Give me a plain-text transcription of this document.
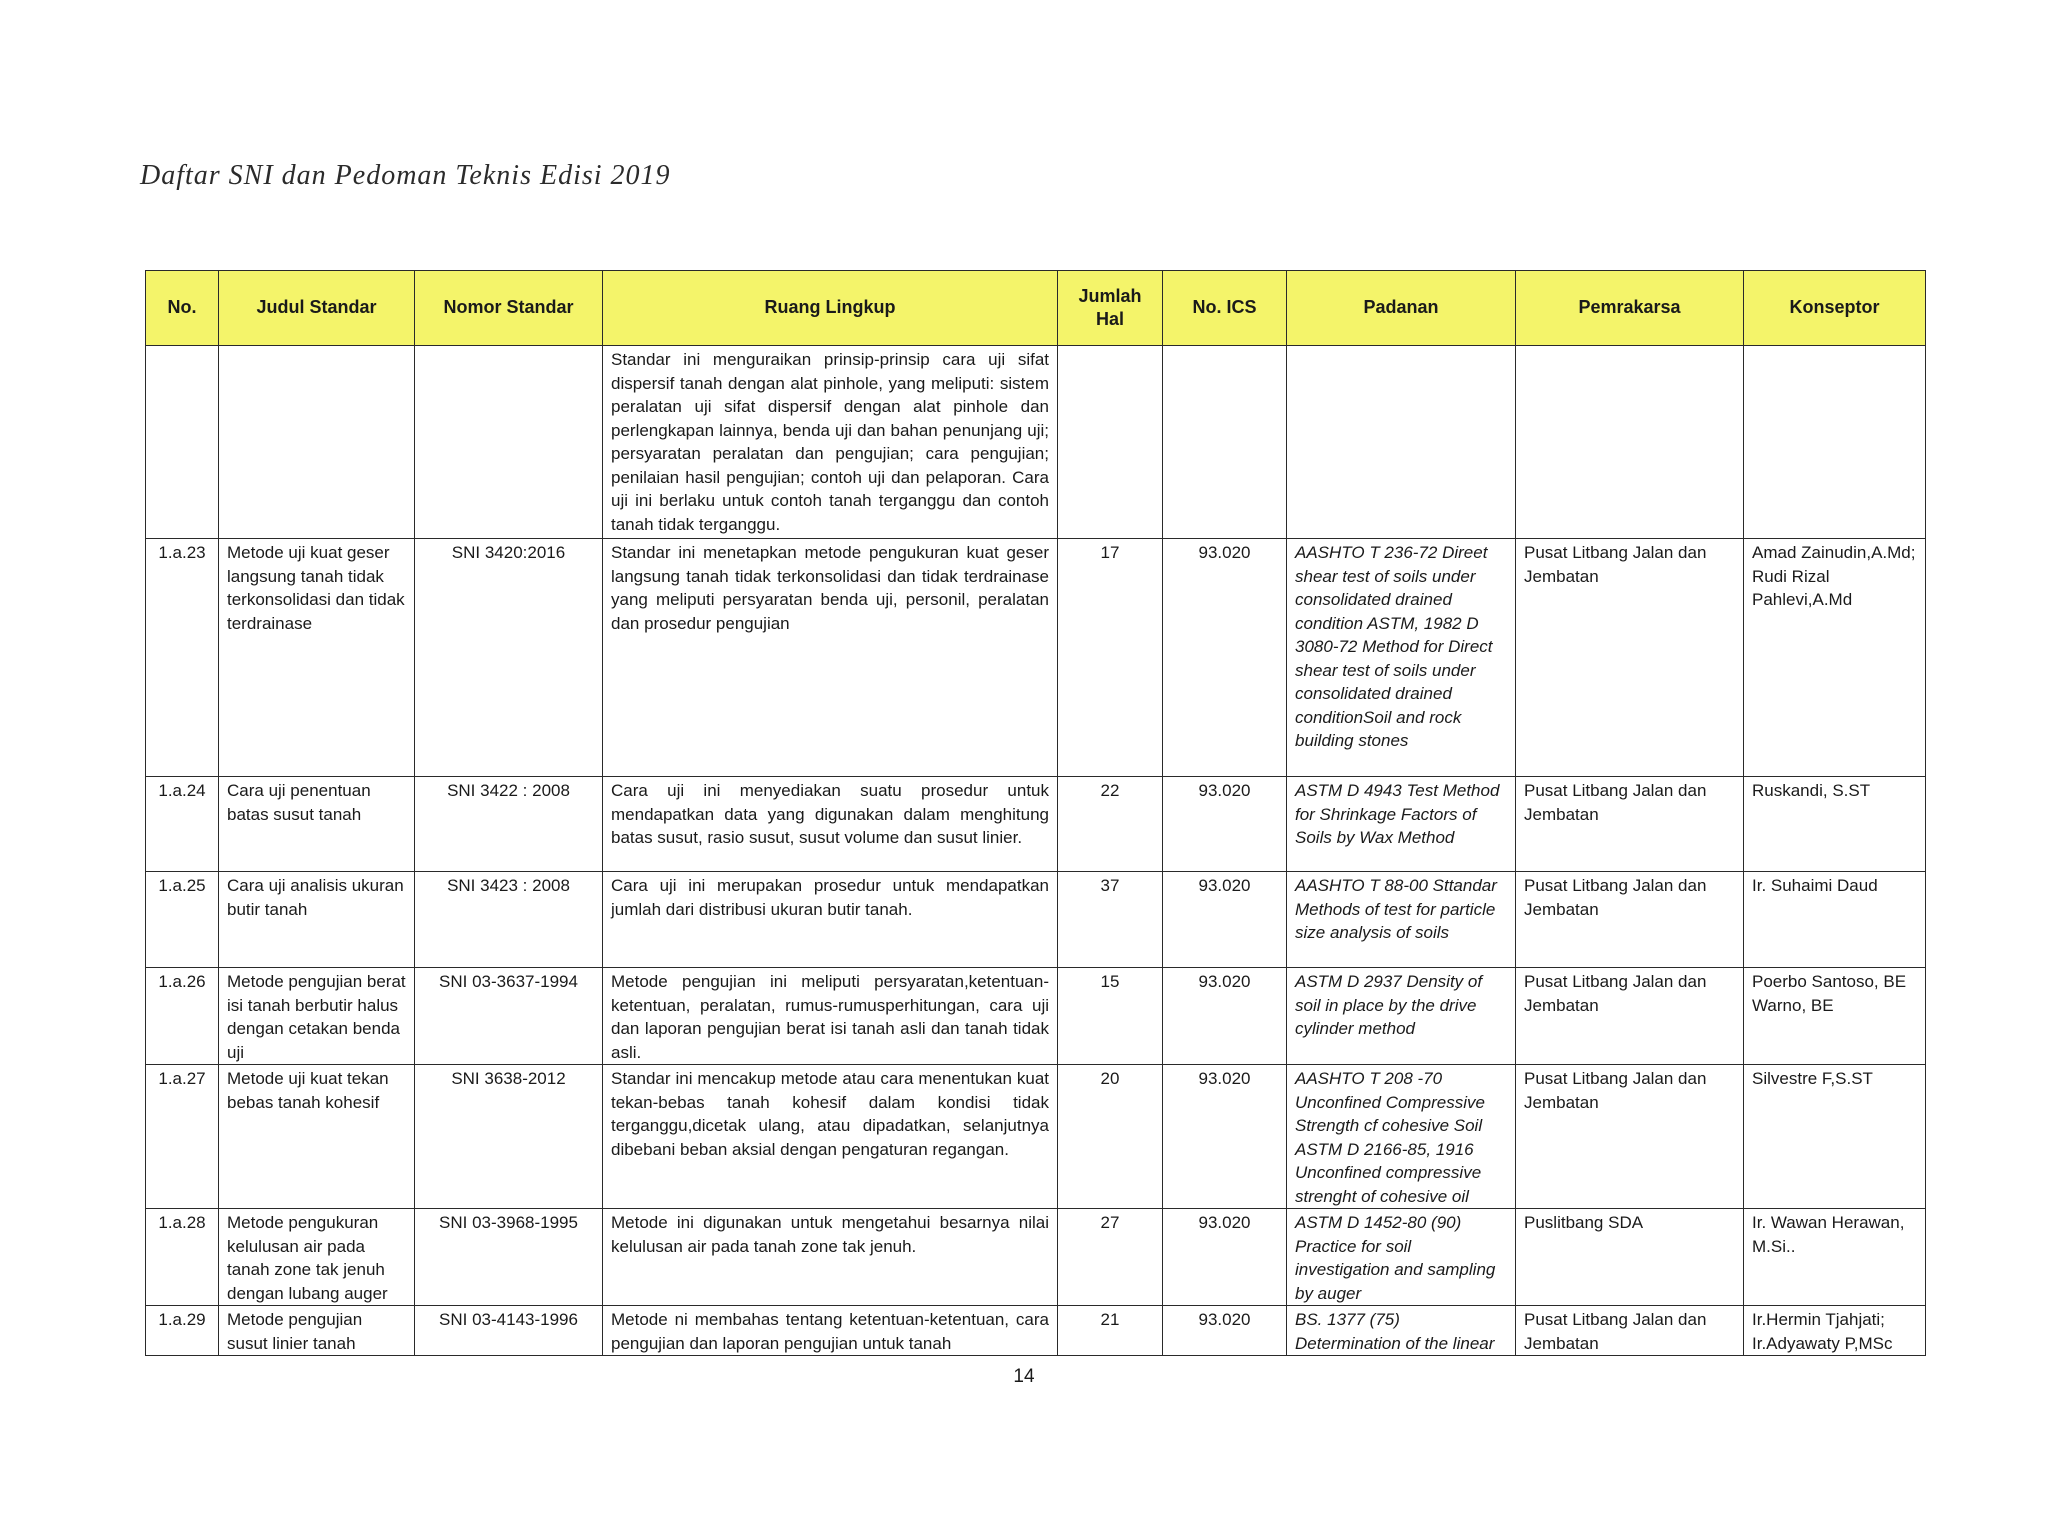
Daftar SNI dan Pedoman Teknis Edisi 2019
No.	Judul Standar	Nomor Standar	Ruang Lingkup	Jumlah Hal	No. ICS	Padanan	Pemrakarsa	Konseptor
			Standar ini menguraikan prinsip-prinsip cara uji sifat dispersif tanah dengan alat pinhole, yang meliputi: sistem peralatan uji sifat dispersif dengan alat pinhole dan perlengkapan lainnya, benda uji dan bahan penunjang uji; persyaratan peralatan dan pengujian; cara pengujian; penilaian hasil pengujian; contoh uji dan pelaporan. Cara uji ini berlaku untuk contoh tanah terganggu dan contoh tanah tidak terganggu.					
1.a.23	Metode uji kuat geser langsung tanah tidak terkonsolidasi dan tidak terdrainase	SNI 3420:2016	Standar ini menetapkan metode pengukuran kuat geser langsung tanah tidak terkonsolidasi dan tidak terdrainase yang meliputi persyaratan benda uji, personil, peralatan dan prosedur pengujian	17	93.020	AASHTO T 236-72 Direet shear test of soils under consolidated drained condition ASTM, 1982 D 3080-72 Method for Direct shear test of soils under consolidated drained conditionSoil and rock building stones	Pusat Litbang Jalan dan Jembatan	Amad Zainudin,A.Md; Rudi Rizal Pahlevi,A.Md
1.a.24	Cara uji penentuan batas susut tanah	SNI 3422 : 2008	Cara uji ini menyediakan suatu prosedur untuk mendapatkan data yang digunakan dalam menghitung batas susut, rasio susut, susut volume dan susut linier.	22	93.020	ASTM D 4943 Test Method for Shrinkage Factors of Soils by Wax Method	Pusat Litbang Jalan dan Jembatan	Ruskandi, S.ST
1.a.25	Cara uji analisis ukuran butir tanah	SNI 3423 : 2008	Cara uji ini merupakan prosedur untuk mendapatkan jumlah dari distribusi ukuran butir tanah.	37	93.020	AASHTO T 88-00 Sttandar Methods of test for particle size analysis of soils	Pusat Litbang Jalan dan Jembatan	Ir. Suhaimi Daud
1.a.26	Metode pengujian berat isi tanah berbutir halus dengan cetakan benda uji	SNI 03-3637-1994	Metode pengujian ini meliputi persyaratan,ketentuan-ketentuan, peralatan, rumus-rumusperhitungan, cara uji dan laporan pengujian berat isi tanah asli dan tanah tidak asli.	15	93.020	ASTM D 2937 Density of soil in place by the drive cylinder method	Pusat Litbang Jalan dan Jembatan	Poerbo Santoso, BE Warno, BE
1.a.27	Metode uji kuat tekan bebas tanah kohesif	SNI 3638-2012	Standar ini mencakup metode atau cara menentukan kuat tekan-bebas tanah kohesif dalam kondisi tidak terganggu,dicetak ulang, atau dipadatkan, selanjutnya dibebani beban aksial dengan pengaturan regangan.	20	93.020	AASHTO T 208 -70 Unconfined Compressive Strength cf cohesive Soil ASTM D 2166-85, 1916 Unconfined compressive strenght of cohesive oil	Pusat Litbang Jalan dan Jembatan	Silvestre F,S.ST
1.a.28	Metode pengukuran kelulusan air pada tanah zone tak jenuh dengan lubang auger	SNI 03-3968-1995	Metode ini digunakan untuk mengetahui besarnya nilai kelulusan air pada tanah zone tak jenuh.	27	93.020	ASTM D 1452-80 (90) Practice for soil investigation and sampling by auger	Puslitbang SDA	Ir. Wawan Herawan, M.Si..
1.a.29	Metode pengujian susut linier tanah	SNI 03-4143-1996	Metode ni membahas tentang ketentuan-ketentuan, cara pengujian dan laporan pengujian untuk tanah	21	93.020	BS. 1377 (75) Determination of the linear	Pusat Litbang Jalan dan Jembatan	Ir.Hermin Tjahjati; Ir.Adyawaty P,MSc
14
